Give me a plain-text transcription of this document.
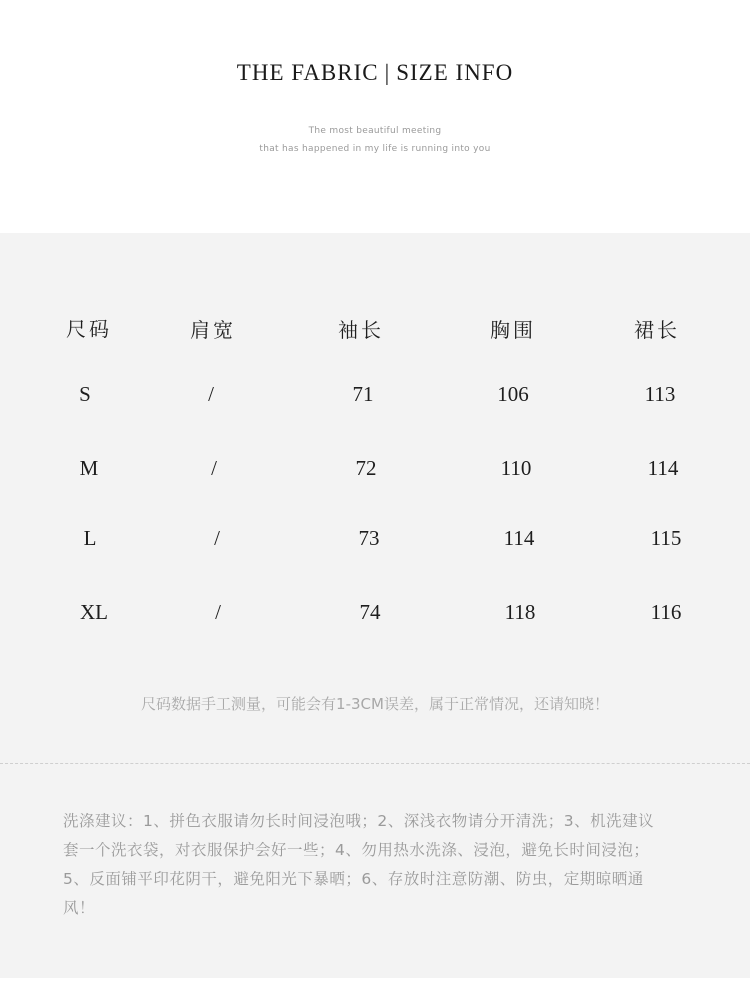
THE FABRIC | SIZE INFO
The most beautiful meeting
that has happened in my life is running into you
尺码	肩宽	袖长	胸围	裙长
S	/	71	106	113
M	/	72	110	114
L	/	73	114	115
XL	/	74	118	116
尺码数据手工测量，可能会有1-3CM误差，属于正常情况，还请知晓！
洗涤建议：1、拼色衣服请勿长时间浸泡哦；2、深浅衣物请分开清洗；3、机洗建议
套一个洗衣袋，对衣服保护会好一些；4、勿用热水洗涤、浸泡，避免长时间浸泡；
5、反面铺平印花阴干，避免阳光下暴晒；6、存放时注意防潮、防虫，定期晾晒通
风！
